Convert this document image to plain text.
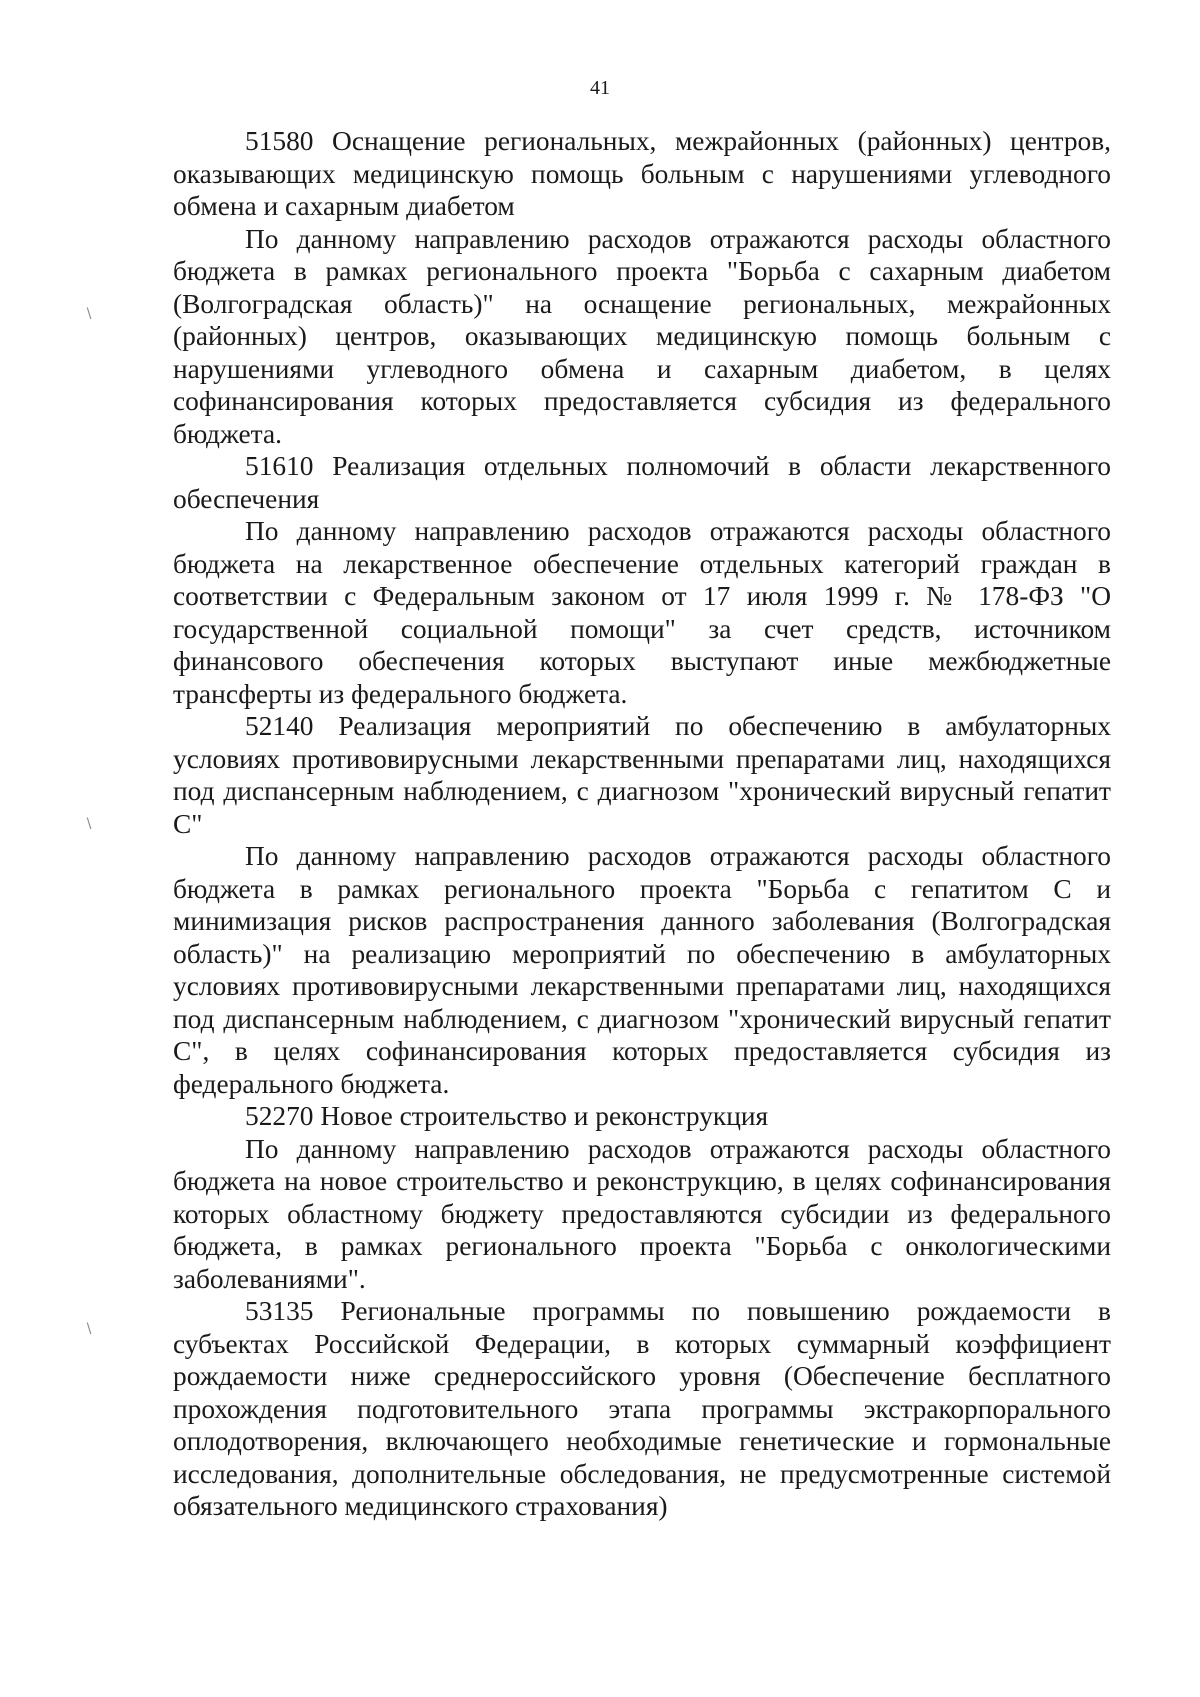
41

51580 Оснащение региональных, межрайонных (районных) центров, оказывающих медицинскую помощь больным с нарушениями углеводного обмена и сахарным диабетом

По данному направлению расходов отражаются расходы областного бюджета в рамках регионального проекта "Борьба с сахарным диабетом (Волгоградская область)" на оснащение региональных, межрайонных (районных) центров, оказывающих медицинскую помощь больным с нарушениями углеводного обмена и сахарным диабетом, в целях софинансирования которых предоставляется субсидия из федерального бюджета.

51610 Реализация отдельных полномочий в области лекарственного обеспечения

По данному направлению расходов отражаются расходы областного бюджета на лекарственное обеспечение отдельных категорий граждан в соответствии с Федеральным законом от 17 июля 1999 г. № 178-ФЗ "О государственной социальной помощи" за счет средств, источником финансового обеспечения которых выступают иные межбюджетные трансферты из федерального бюджета.

52140 Реализация мероприятий по обеспечению в амбулаторных условиях противовирусными лекарственными препаратами лиц, находящихся под диспансерным наблюдением, с диагнозом "хронический вирусный гепатит С"

По данному направлению расходов отражаются расходы областного бюджета в рамках регионального проекта "Борьба с гепатитом С и минимизация рисков распространения данного заболевания (Волгоградская область)" на реализацию мероприятий по обеспечению в амбулаторных условиях противовирусными лекарственными препаратами лиц, находящихся под диспансерным наблюдением, с диагнозом "хронический вирусный гепатит С", в целях софинансирования которых предоставляется субсидия из федерального бюджета.

52270 Новое строительство и реконструкция

По данному направлению расходов отражаются расходы областного бюджета на новое строительство и реконструкцию, в целях софинансирования которых областному бюджету предоставляются субсидии из федерального бюджета, в рамках регионального проекта "Борьба с онкологическими заболеваниями".

53135 Региональные программы по повышению рождаемости в субъектах Российской Федерации, в которых суммарный коэффициент рождаемости ниже среднероссийского уровня (Обеспечение бесплатного прохождения подготовительного этапа программы экстракорпорального оплодотворения, включающего необходимые генетические и гормональные исследования, дополнительные обследования, не предусмотренные системой обязательного медицинского страхования)

∖
∖
∖
